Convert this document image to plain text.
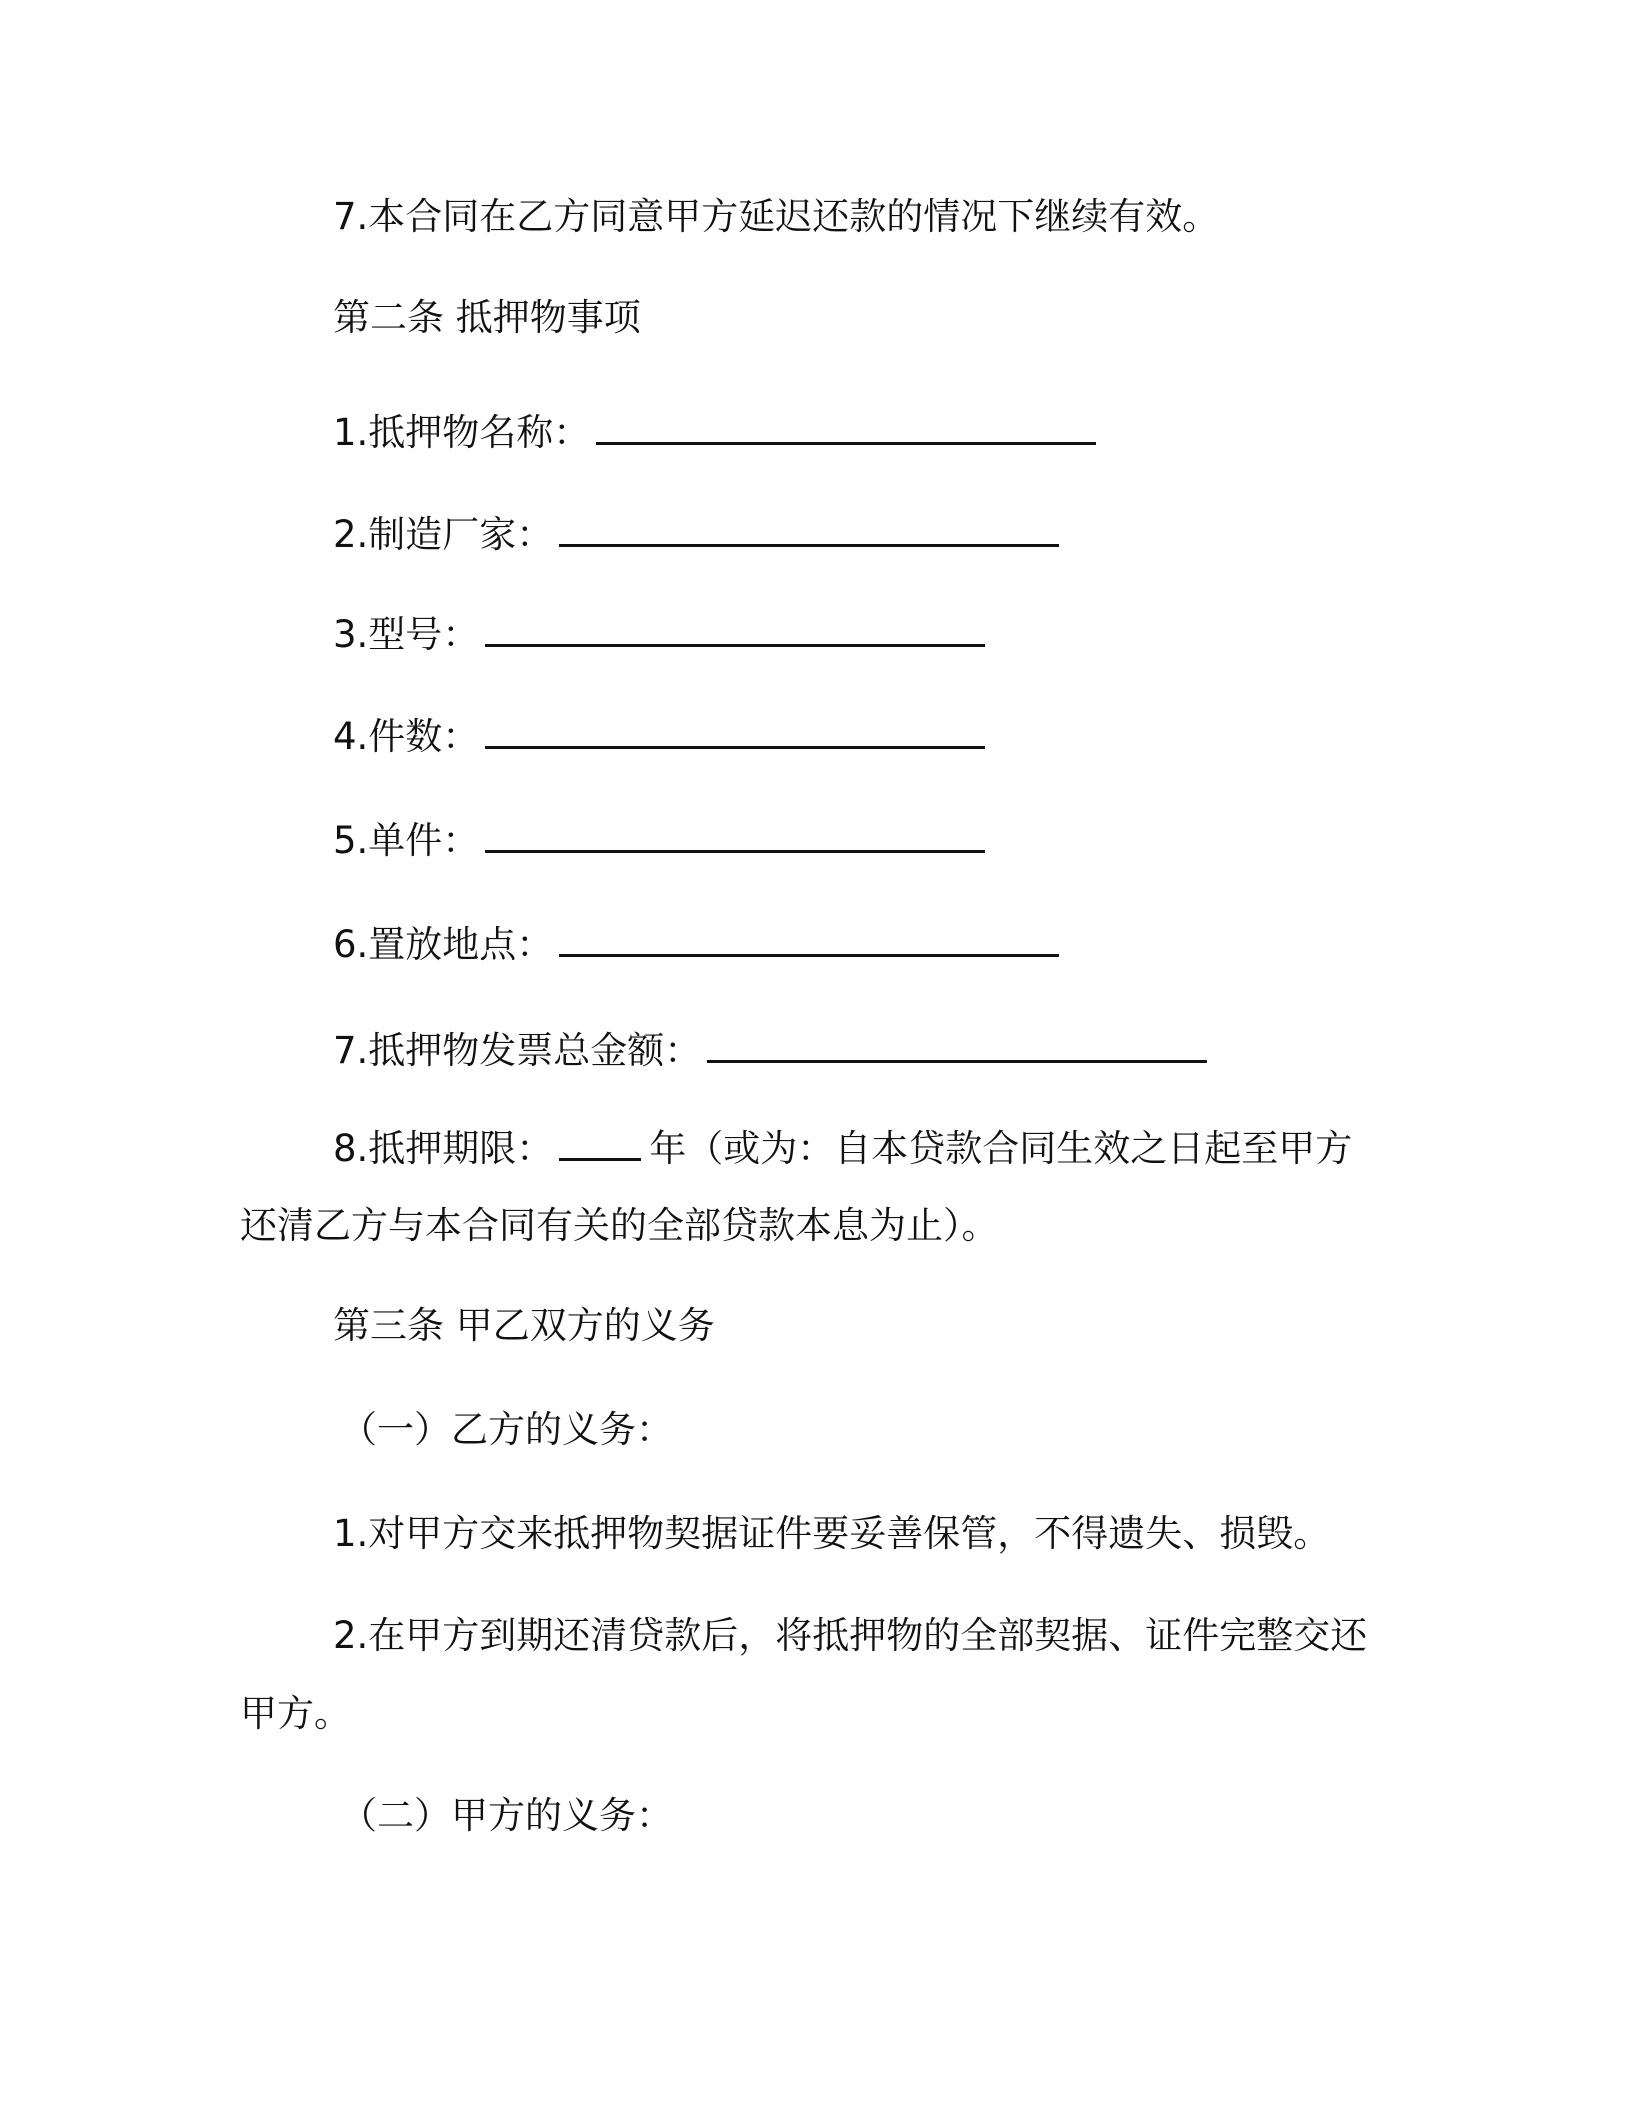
7.本合同在乙方同意甲方延迟还款的情况下继续有效。
第二条 抵押物事项
1.抵押物名称：
2.制造厂家：
3.型号：
4.件数：
5.单件：
6.置放地点：
7.抵押物发票总金额：
8.抵押期限：	年（或为：自本贷款合同生效之日起至甲方
还清乙方与本合同有关的全部贷款本息为止）。
第三条 甲乙双方的义务
（一）乙方的义务：
1.对甲方交来抵押物契据证件要妥善保管，不得遗失、损毁。
2.在甲方到期还清贷款后，将抵押物的全部契据、证件完整交还
甲方。
（二）甲方的义务：
